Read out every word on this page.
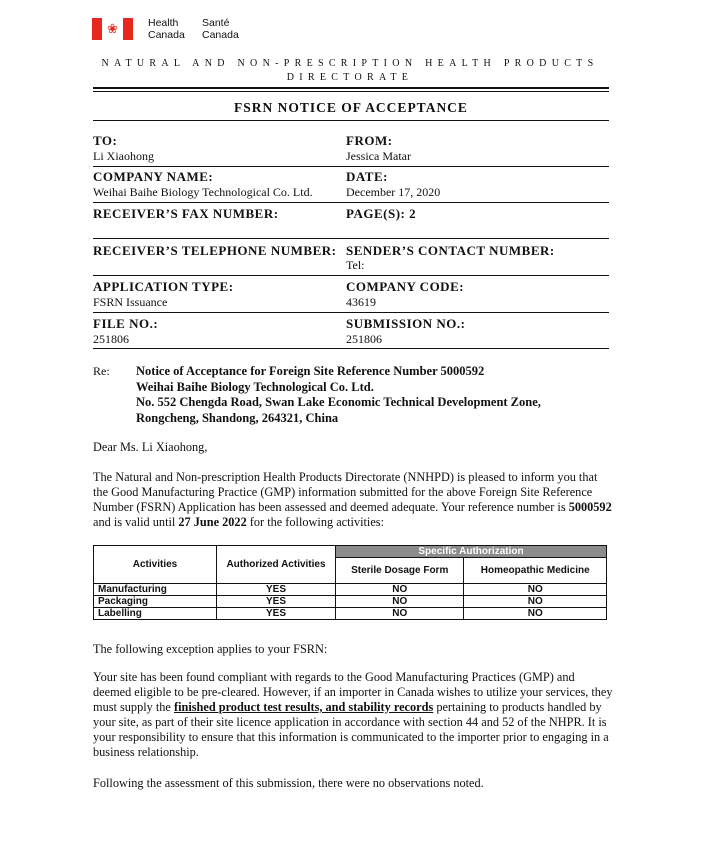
❀	Health
Canada
Santé
Canada
NATURAL AND NON-PRESCRIPTION HEALTH PRODUCTS
DIRECTORATE
FSRN NOTICE OF ACCEPTANCE
TO:
Li Xiaohong
FROM:
Jessica Matar
COMPANY NAME:
Weihai Baihe Biology Technological Co. Ltd.
DATE:
December 17, 2020
RECEIVER’S FAX NUMBER:	PAGE(S): 2
RECEIVER’S TELEPHONE NUMBER: SENDER’S CONTACT NUMBER:
Tel:
APPLICATION TYPE:
FSRN Issuance
COMPANY CODE:
43619
FILE NO.:
251806
SUBMISSION NO.:
251806
Re: Notice of Acceptance for Foreign Site Reference Number 5000592
Weihai Baihe Biology Technological Co. Ltd.
No. 552 Chengda Road, Swan Lake Economic Technical Development Zone,
Rongcheng, Shandong, 264321, China
Dear Ms. Li Xiaohong,
The Natural and Non-prescription Health Products Directorate (NNHPD) is pleased to inform you that the Good Manufacturing Practice (GMP) information submitted for the above Foreign Site Reference Number (FSRN) Application has been assessed and deemed adequate. Your reference number is 5000592 and is valid until 27 June 2022 for the following activities:
Activities	Authorized Activities	Specific Authorization	
		Sterile Dosage Form	Homeopathic Medicine
Manufacturing	YES	NO	NO
Packaging	YES	NO	NO
Labelling	YES	NO	NO
The following exception applies to your FSRN:
Your site has been found compliant with regards to the Good Manufacturing Practices (GMP) and deemed eligible to be pre-cleared. However, if an importer in Canada wishes to utilize your services, they must supply the finished product test results, and stability records pertaining to products handled by your site, as part of their site licence application in accordance with section 44 and 52 of the NHPR. It is your responsibility to ensure that this information is communicated to the importer prior to engaging in a business relationship.
Following the assessment of this submission, there were no observations noted.
